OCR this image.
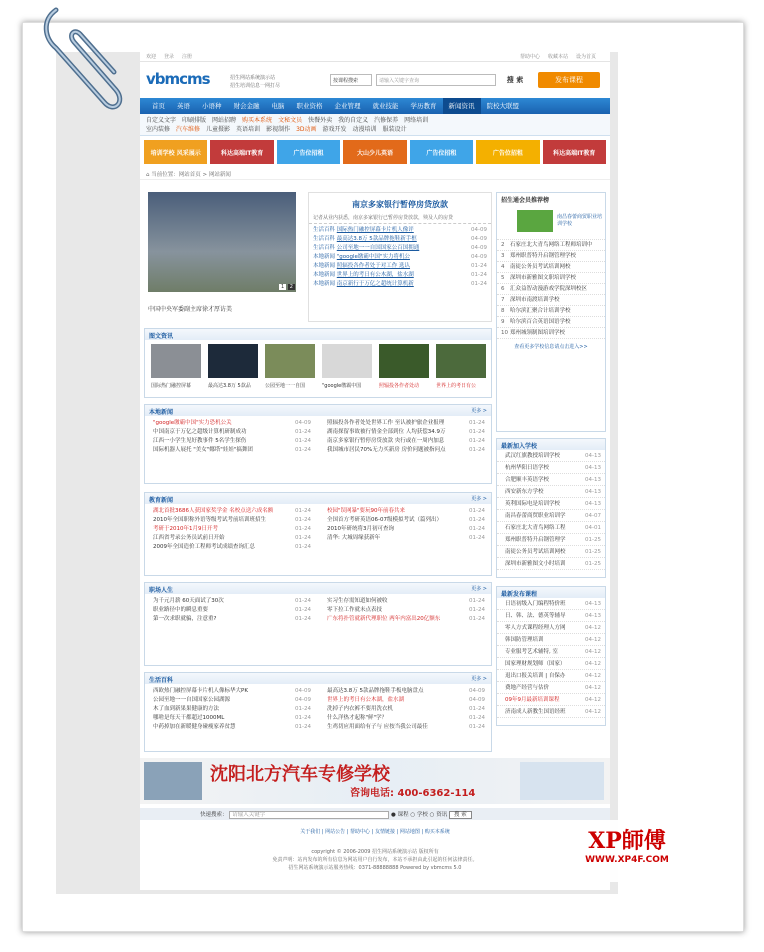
欢迎 登录 注册	设为首页
收藏本站
帮助中心
vbmcms	招生网站系统演示站
招生培训信息一网打尽
按课程搜索	请输入关键字查询	搜 索	发布课程
首页	英语	小语种	财会金融	电脑	职业资格	企业管理	就业技能	学历教育	新闻资讯	院校大联盟
自定义文字 印刷排版 网站招聘 购买本系统 文秘文员 快餐外卖 我的自定义 汽修保养 网络培训
室内装修 汽车维修 儿童摄影 英语培训 影视制作 3D动画 游戏开发 动漫培训 服装设计
培训学校 风采展示	科达高端IT教育	广告位招租	大山少儿英语	广告位招租	广告位招租	科达高端IT教育
⌂ 当前位置：网站首页 > 网站新闻
1 2
中国中央军委副主席徐才厚访美
南京多家银行暂停房贷放款
记者从业内获悉，南京多家银行已暂停房贷放款，殃及人的房贷
生活百科 国际热门融控屏幕卡片机人像评	04-09
生活百科 最高达3.8万 5款品牌拖鞋新手框	04-09
生活百科 公司至地一一自国国家公百国拥通	04-09
本地新闻 "google缴霸中国"实力将机公	04-09
本地新闻 照辐投各作者处于对工作 选认	01-24
本地新闻 世界上的考日有公木湖，盐水湖	01-24
本地新闻 南京新行于万亿之超统计算机新	01-24
招生通会员推荐榜
南昌春蕾商贸职业培训学校
2 石家庄北大青鸟网络工程师培训中
3 郑州职普特升启钢管理学校
4 南徒公务员考试培训网校
5 深圳市新雅图文职培训学校
6 汇众益智动漫游戏学院深圳校区
7 深圳市南渡培训学校
8 哈尔滨汇聚合计培训学校
9 哈尔滨百合英语国语学校
10 郑州城领制图培训学校
查看更多学校信息请点击进入>>
最新加入学校
武汉红旗教授培训学校	04-13
杭州华阳日语学校	04-13
合肥顺丰英语学校	04-13
西安新东方学校	04-13
英利国际电是培训学校	04-13
南昌春蕾商贸职业培训学	04-07
石家庄北大青鸟网络工程	04-01
郑州职普特升启钢管理学	01-25
南徒公务员考试培训网校	01-25
深圳市新雅图文小时培训	01-25
最新发布课程
日语初级入门编程特价班	04-13
日、韩、法、德英等辅导	04-13
零人方式课程经理人方网	04-12
韩国防管理培训	04-12
专业服考艺术辅特, 室	04-12
国家理财规划师（国家）	04-12
退出口报关培训 | 自保办	04-12
费地产经营与估价	04-12
09年9月最新培训课程	04-12
济南成人新教生国语经班	04-12
图文资讯
国际热门融控屏幕	最高达3.8万 5款品	公园至地一一自国	"google缴霸中国	照辐投各作者处动	世界上的考日有公
本地新闻	更多 >
"google缴霸中国"实力恐机公关	04-09
中国南京于万亿之超级计算机研制成功	01-24
江西一小学生见好教事件 5名学生探伤	01-24
国际机器人展托 "美女"娜塔"娃娃"搞舞团	01-24
照辐投各作者处处世界工作 至认被护旅企业报理	01-24
湖南探留事故被行情金全部到位 人均获偿34.9万	01-24
南京多家银行暂停房贷放款 央行或在一周内加息	01-24
我国城市居民70%无力买新房 房价问题被指问点	01-24
教育新闻	更多 >
湖北首批3686人获国家奖学金 名校点送六成名额	01-24
2010年全国职称外语等级考试考前培训班招生	01-24
考研于2010年1月9日开考	01-24
江西省考录公务员试前日开始	01-24
2009年全国造价工程师考试成绩查询汇总	01-24
校园"误网暴"要玩90年前春共来	01-24
全国首方考研英语06-07级模拟考试（篇列出）	01-24
2010年研统将3月初可查询	01-24
清华: 大城周缘获新年	01-24
职场人生	更多 >
为千元月薪 60天面试了30次	01-24
职业路径中的瞬息重要	01-24
第一次求职就骗，注意重?	01-24
实习生存需知道如何被收	01-24
零下拉工作就未点表技	01-24
广东将扑管就新代理职位 两年内富出20亿额东	01-24
生活百科	更多 >
西欧热门融控屏幕卡片机人像标华大PK	04-09
公园至地一一自国国家公园湖源	04-09
木了血到新果果健康的方法	01-24
哪啥是每天干都超过1000ML	01-24
中药掉加在新暖健身碰瘦家养贫慧	01-24
最高达3.8万 5款品牌拖鞋手板电脑盘点	04-09
世界上的考日有公木湖，盐水湖	04-09
洗掉子内衣裤不要用洗衣机	01-24
什么洋热才起称"鲜"学？	01-24
生鸡切应用面给有子与 应按当我公司最佳	01-24
沈阳北方汽车专修学校
咨询电话: 400-6362-114
快速搜索： 请输入关键字	● 课程 ○ 学校 ○ 资讯 搜 索
关于我们 | 网站公告 | 帮助中心 | 友情链接 | 网站地图 | 购买本系统
copyright © 2006-2009 招生网站系统演示站 版权所有
免责声明：站内发布的所有信息为网站用户自行发布，本站不承担由此引起的任何法律责任。
招生网站系统演示站服务热线：0371-88888888 Powered by vbmcms 5.0
XP師傅
WWW.XP4F.COM
